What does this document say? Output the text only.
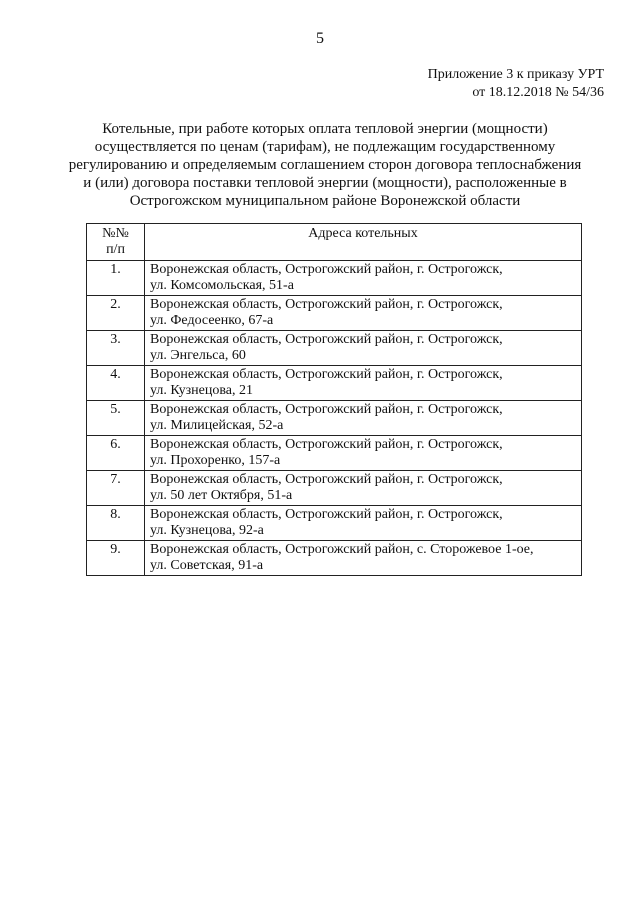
5
Приложение 3 к приказу УРТ
от 18.12.2018 № 54/36
Котельные, при работе которых оплата тепловой энергии (мощности)
осуществляется по ценам (тарифам), не подлежащим государственному
регулированию и определяемым соглашением сторон договора теплоснабжения
и (или) договора поставки тепловой энергии (мощности), расположенные в
Острогожском муниципальном районе Воронежской области
№№
п/п	Адреса котельных
1.	Воронежская область, Острогожский район, г. Острогожск,
ул. Комсомольская, 51-а

2.	Воронежская область, Острогожский район, г. Острогожск,
ул. Федосеенко, 67-а

3.	Воронежская область, Острогожский район, г. Острогожск,
ул. Энгельса, 60

4.	Воронежская область, Острогожский район, г. Острогожск,
ул. Кузнецова, 21

5.	Воронежская область, Острогожский район, г. Острогожск,
ул. Милицейская, 52-а

6.	Воронежская область, Острогожский район, г. Острогожск,
ул. Прохоренко, 157-а

7.	Воронежская область, Острогожский район, г. Острогожск,
ул. 50 лет Октября, 51-а

8.	Воронежская область, Острогожский район, г. Острогожск,
ул. Кузнецова, 92-а

9.	Воронежская область, Острогожский район, с. Сторожевое 1-ое,
ул. Советская, 91-а
